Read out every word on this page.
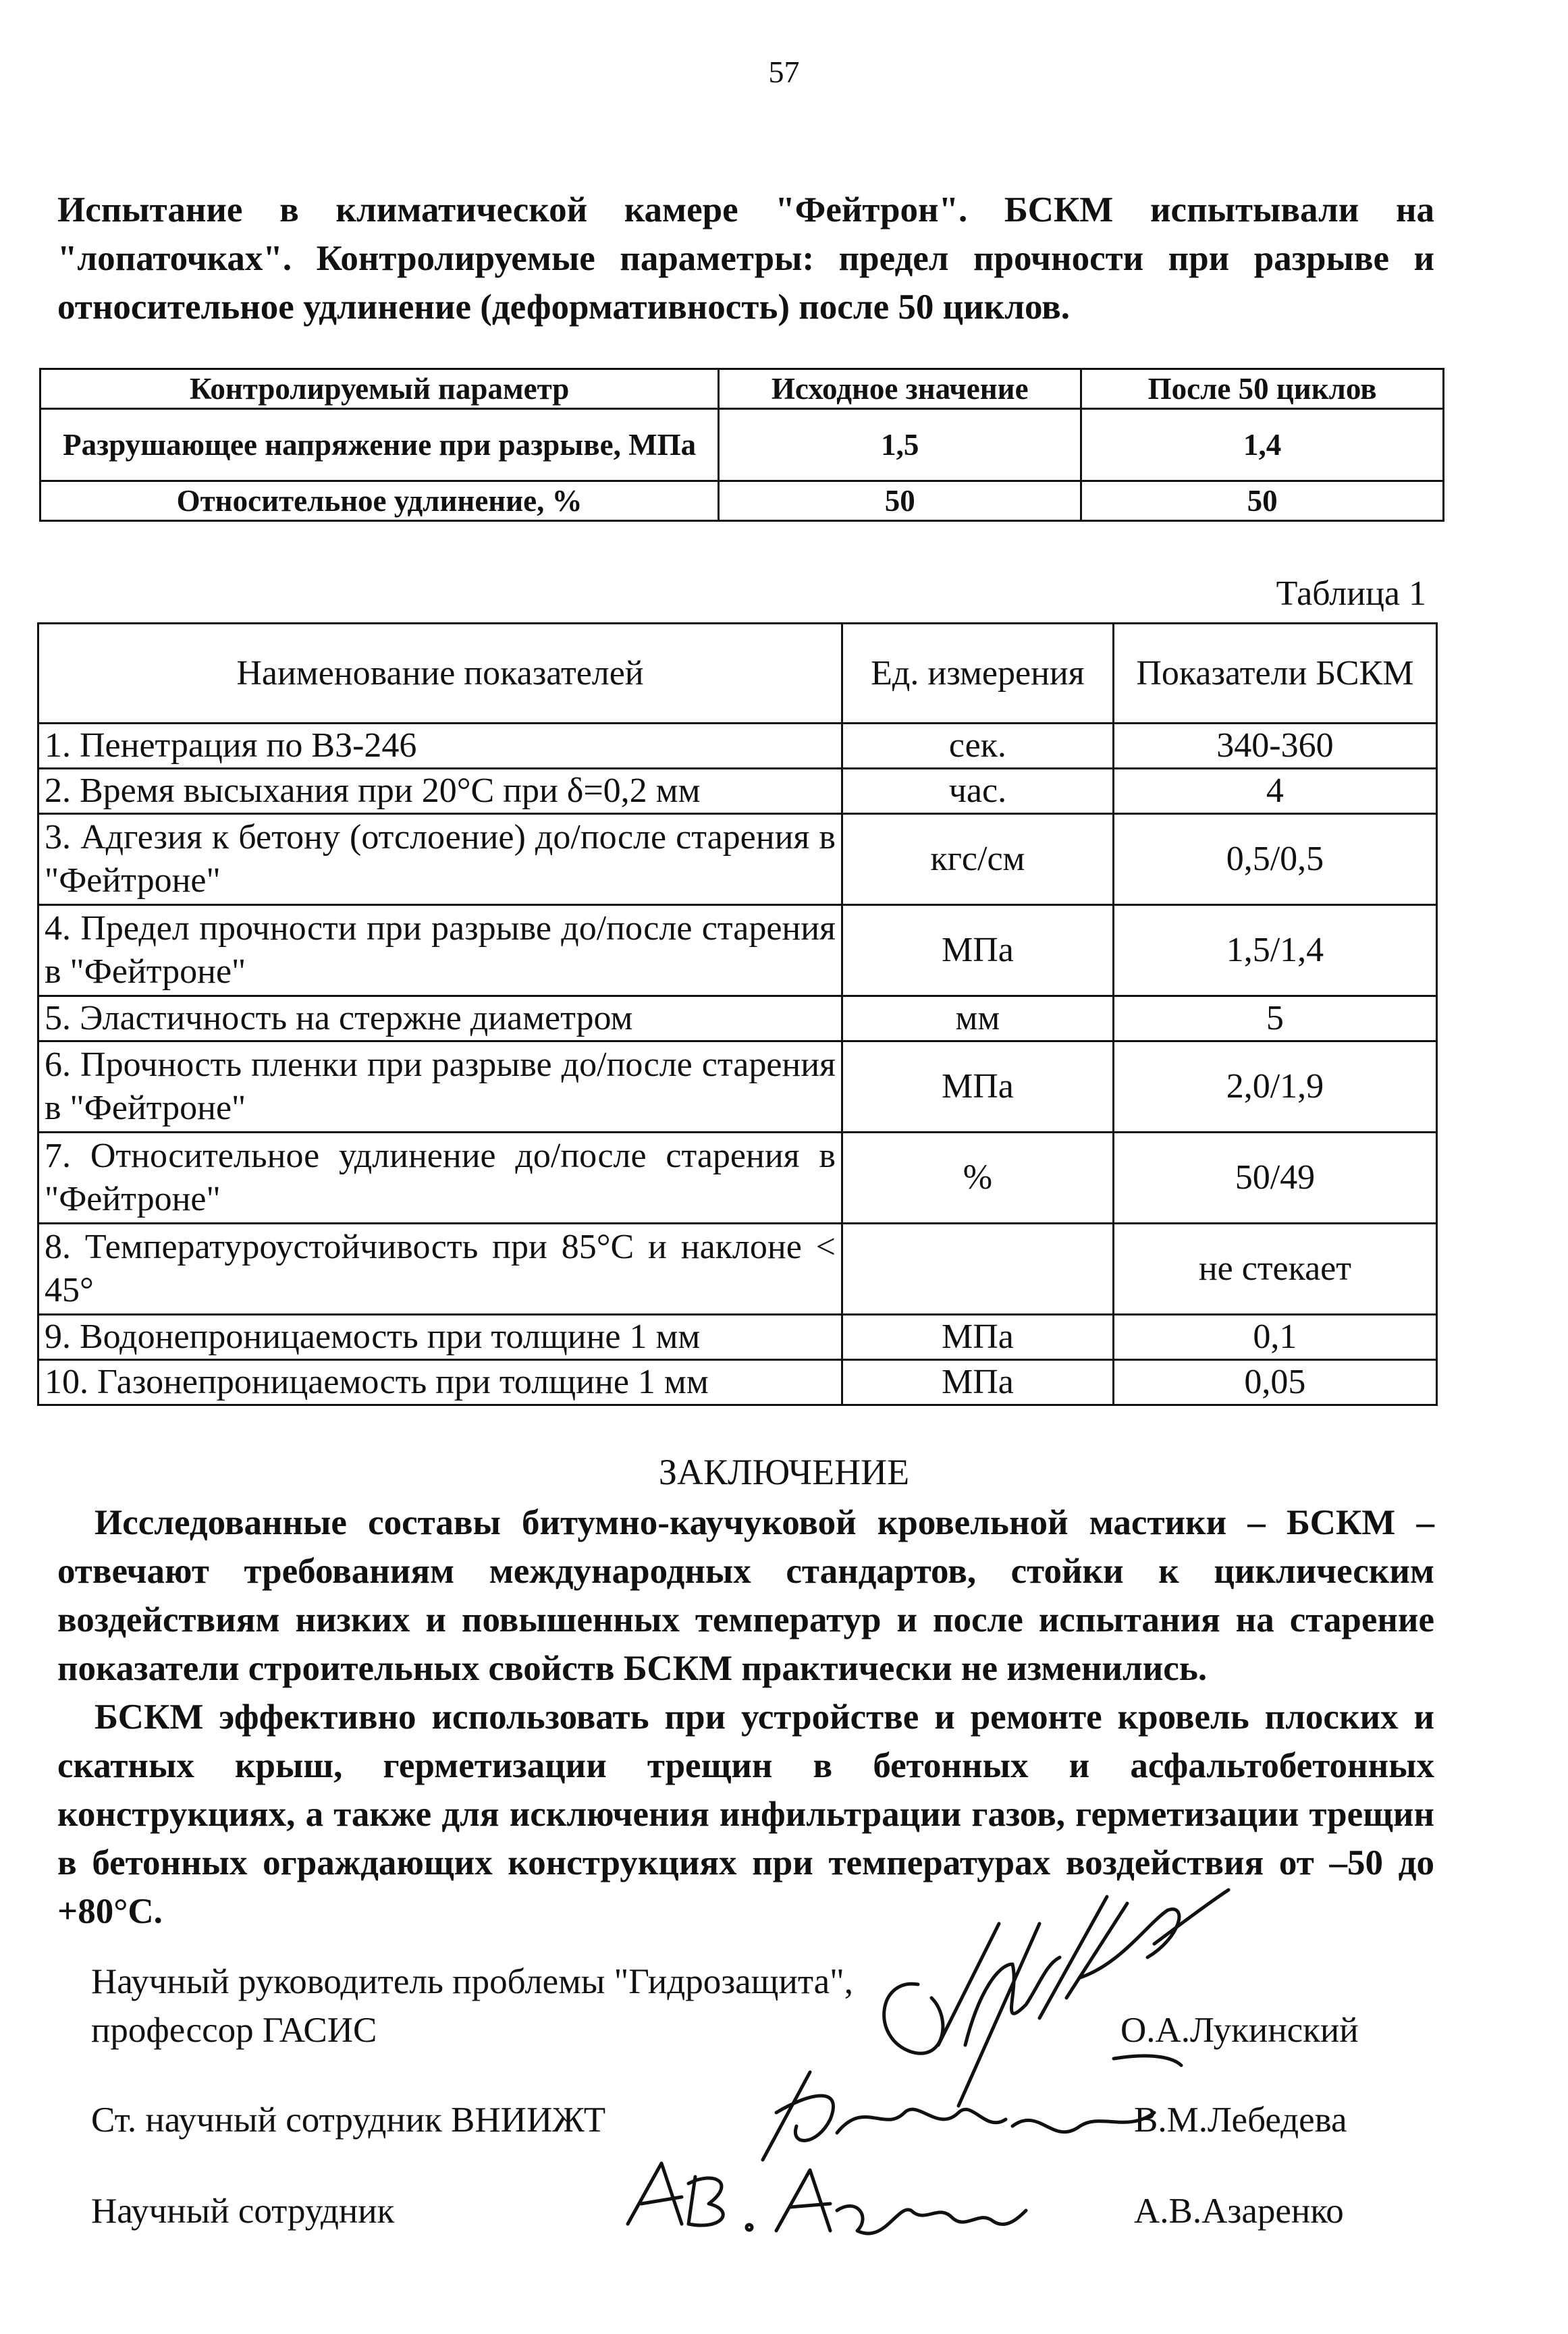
57
Испытание в климатической камере "Фейтрон". БСКМ испытывали на "лопаточках". Контролируемые параметры: предел прочности при разрыве и относительное удлинение (деформативность) после 50 циклов.
Контролируемый параметр	Исходное значение	После 50 циклов
Разрушающее напряжение при разрыве, МПа	1,5	1,4
Относительное удлинение, %	50	50
Таблица 1
Наименование показателей	Ед. измерения	Показатели БСКМ
1. Пенетрация по ВЗ-246	сек.	340-360
2. Время высыхания при 20°С при δ=0,2 мм	час.	4
3. Адгезия к бетону (отслоение) до/после старения в "Фейтроне"	кгс/см	0,5/0,5
4. Предел прочности при разрыве до/после старения в "Фейтроне"	МПа	1,5/1,4
5. Эластичность на стержне диаметром	мм	5
6. Прочность пленки при разрыве до/после старения в "Фейтроне"	МПа	2,0/1,9
7. Относительное удлинение до/после старения в "Фейтроне"	%	50/49
8. Температуроустойчивость при 85°С и наклоне < 45°		не стекает
9. Водонепроницаемость при толщине 1 мм	МПа	0,1
10. Газонепроницаемость при толщине 1 мм	МПа	0,05
ЗАКЛЮЧЕНИЕ
Исследованные составы битумно-каучуковой кровельной мастики – БСКМ – отвечают требованиям международных стандартов, стойки к циклическим воздействиям низких и повышенных температур и после испытания на старение показатели строительных свойств БСКМ практически не изменились.
БСКМ эффективно использовать при устройстве и ремонте кровель плоских и скатных крыш, герметизации трещин в бетонных и асфальтобетонных конструкциях, а также для исключения инфильтрации газов, герметизации трещин в бетонных ограждающих конструкциях при температурах воздействия от –50 до +80°С.
Научный руководитель проблемы "Гидрозащита",
профессор ГАСИС	О.А.Лукинский
Ст. научный сотрудник ВНИИЖТ	В.М.Лебедева
Научный сотрудник	А.В.Азаренко
